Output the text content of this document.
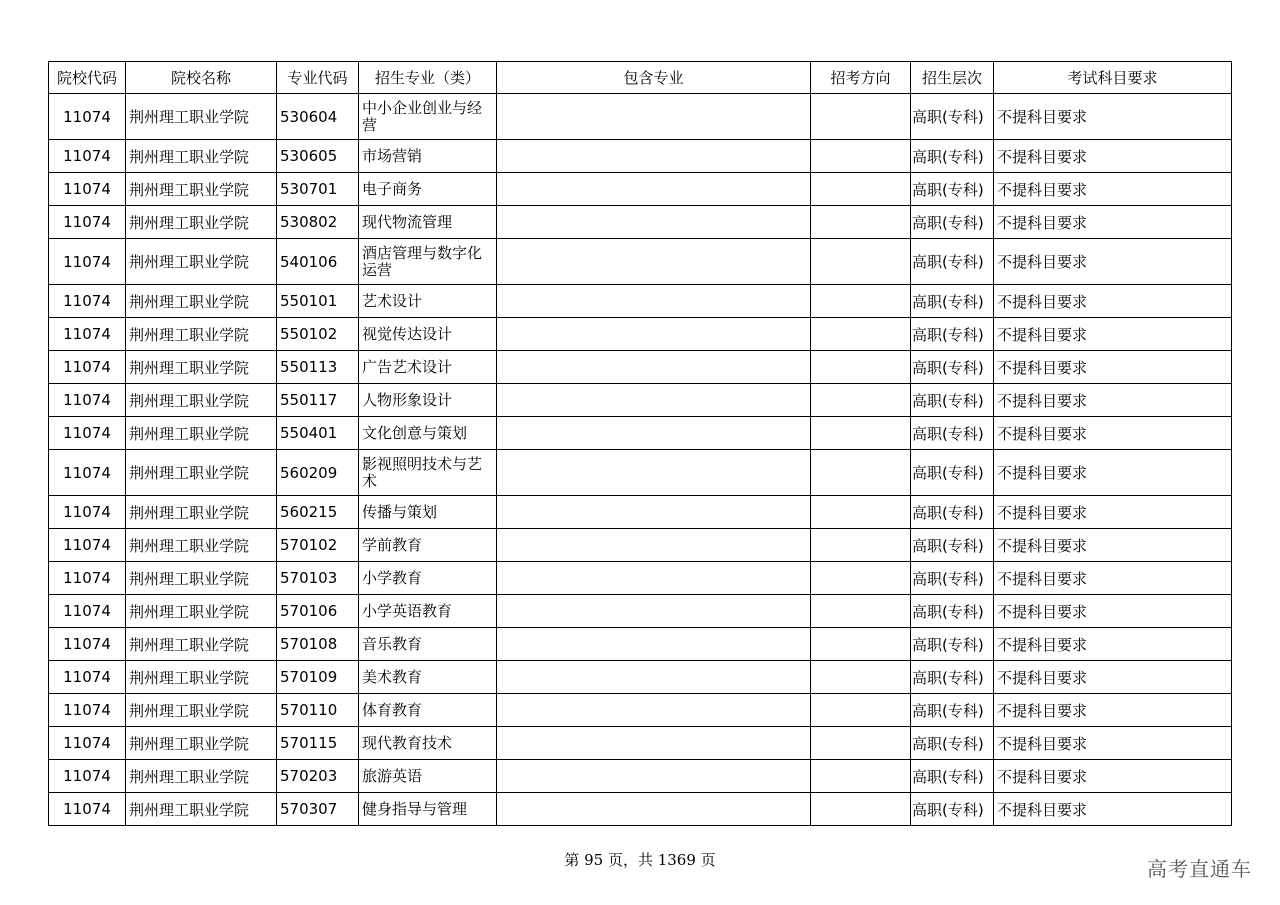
院校代码	院校名称	专业代码	招生专业（类）	包含专业	招考方向	招生层次	考试科目要求
11074	荆州理工职业学院	530604	中小企业创业与经营			高职(专科)	不提科目要求
11074	荆州理工职业学院	530605	市场营销			高职(专科)	不提科目要求
11074	荆州理工职业学院	530701	电子商务			高职(专科)	不提科目要求
11074	荆州理工职业学院	530802	现代物流管理			高职(专科)	不提科目要求
11074	荆州理工职业学院	540106	酒店管理与数字化运营			高职(专科)	不提科目要求
11074	荆州理工职业学院	550101	艺术设计			高职(专科)	不提科目要求
11074	荆州理工职业学院	550102	视觉传达设计			高职(专科)	不提科目要求
11074	荆州理工职业学院	550113	广告艺术设计			高职(专科)	不提科目要求
11074	荆州理工职业学院	550117	人物形象设计			高职(专科)	不提科目要求
11074	荆州理工职业学院	550401	文化创意与策划			高职(专科)	不提科目要求
11074	荆州理工职业学院	560209	影视照明技术与艺术			高职(专科)	不提科目要求
11074	荆州理工职业学院	560215	传播与策划			高职(专科)	不提科目要求
11074	荆州理工职业学院	570102	学前教育			高职(专科)	不提科目要求
11074	荆州理工职业学院	570103	小学教育			高职(专科)	不提科目要求
11074	荆州理工职业学院	570106	小学英语教育			高职(专科)	不提科目要求
11074	荆州理工职业学院	570108	音乐教育			高职(专科)	不提科目要求
11074	荆州理工职业学院	570109	美术教育			高职(专科)	不提科目要求
11074	荆州理工职业学院	570110	体育教育			高职(专科)	不提科目要求
11074	荆州理工职业学院	570115	现代教育技术			高职(专科)	不提科目要求
11074	荆州理工职业学院	570203	旅游英语			高职(专科)	不提科目要求
11074	荆州理工职业学院	570307	健身指导与管理			高职(专科)	不提科目要求
第 95 页，共 1369 页	高考直通车
